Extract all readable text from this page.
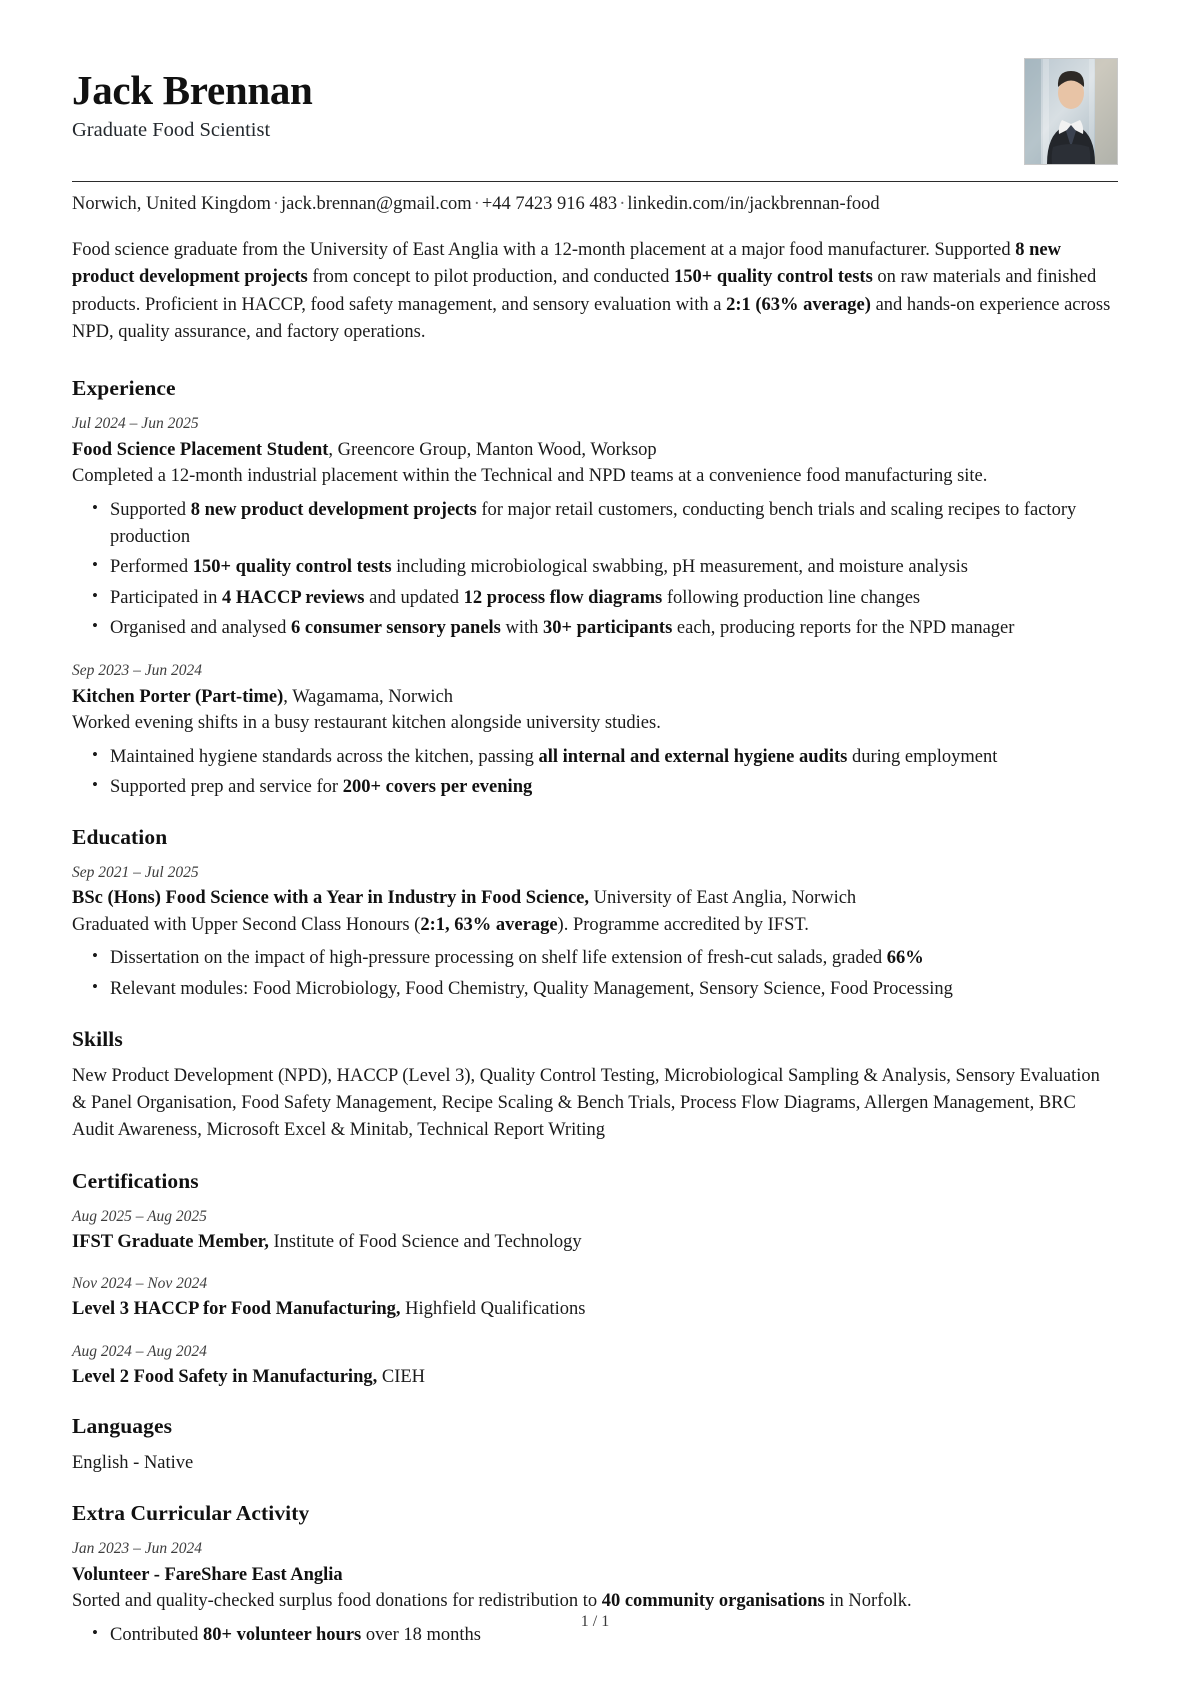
Jack Brennan

Graduate Food Scientist

Norwich, United Kingdom · jack.brennan@gmail.com · +44 7423 916 483 · linkedin.com/in/jackbrennan-food

Food science graduate from the University of East Anglia with a 12-month placement at a major food manufacturer. Supported 8 new product development projects from concept to pilot production, and conducted 150+ quality control tests on raw materials and finished products. Proficient in HACCP, food safety management, and sensory evaluation with a 2:1 (63% average) and hands-on experience across NPD, quality assurance, and factory operations.

Experience
Jul 2024 – Jun 2025
Food Science Placement Student, Greencore Group, Manton Wood, Worksop
Completed a 12-month industrial placement within the Technical and NPD teams at a convenience food manufacturing site.
• Supported 8 new product development projects for major retail customers, conducting bench trials and scaling recipes to factory production
• Performed 150+ quality control tests including microbiological swabbing, pH measurement, and moisture analysis
• Participated in 4 HACCP reviews and updated 12 process flow diagrams following production line changes
• Organised and analysed 6 consumer sensory panels with 30+ participants each, producing reports for the NPD manager
Sep 2023 – Jun 2024
Kitchen Porter (Part-time), Wagamama, Norwich
Worked evening shifts in a busy restaurant kitchen alongside university studies.
• Maintained hygiene standards across the kitchen, passing all internal and external hygiene audits during employment
• Supported prep and service for 200+ covers per evening
Education
Sep 2021 – Jul 2025
BSc (Hons) Food Science with a Year in Industry in Food Science, University of East Anglia, Norwich
Graduated with Upper Second Class Honours (2:1, 63% average). Programme accredited by IFST.
• Dissertation on the impact of high-pressure processing on shelf life extension of fresh-cut salads, graded 66%
• Relevant modules: Food Microbiology, Food Chemistry, Quality Management, Sensory Science, Food Processing
Skills

New Product Development (NPD), HACCP (Level 3), Quality Control Testing, Microbiological Sampling & Analysis, Sensory Evaluation & Panel Organisation, Food Safety Management, Recipe Scaling & Bench Trials, Process Flow Diagrams, Allergen Management, BRC Audit Awareness, Microsoft Excel & Minitab, Technical Report Writing

Certifications
Aug 2025 – Aug 2025
IFST Graduate Member, Institute of Food Science and Technology
Nov 2024 – Nov 2024
Level 3 HACCP for Food Manufacturing, Highfield Qualifications
Aug 2024 – Aug 2024
Level 2 Food Safety in Manufacturing, CIEH
Languages

English - Native

Extra Curricular Activity
Jan 2023 – Jun 2024
Volunteer - FareShare East Anglia
Sorted and quality-checked surplus food donations for redistribution to 40 community organisations in Norfolk.
• Contributed 80+ volunteer hours over 18 months
1 / 1
